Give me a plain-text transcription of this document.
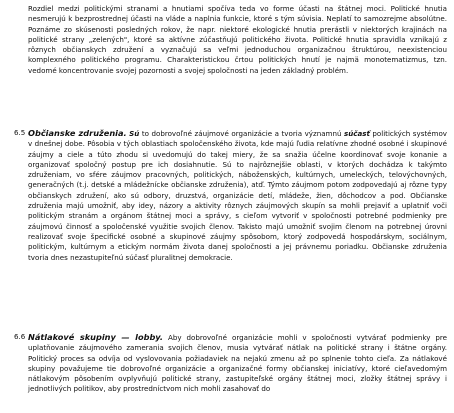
Rozdiel medzi politickými stranami a hnutiami spočíva teda vo forme účasti na štátnej moci. Politické hnutia nesmerujú k bezprostrednej účasti na vláde a naplnia funkcie, ktoré s tým súvisia. Neplatí to samozrejme absolútne. Poznáme zo skúsenosti posledných rokov, že napr. niektoré ekologické hnutia prerástli v niektorých krajinách na politické strany „zelených", ktoré sa aktívne zúčastňujú politického života. Politické hnutia spravidla vznikajú z rôznych občianskych združení a vyznačujú sa veľmi jednoduchou organizačnou štruktúrou, neexistenciou komplexného politického programu. Charakteristickou črtou politických hnutí je najmä monotematizmus, tzn. vedomé koncentrovanie svojej pozornosti a svojej spoločnosti na jeden základný problém.

6.5 Občianske združenia. Sú to dobrovoľné záujmové organizácie a tvoria významnú súčasť politických systémov v dnešnej dobe. Pôsobia v tých oblastiach spoločenského života, kde majú ľudia relatívne zhodné osobné i skupinové záujmy a ciele a túto zhodu si uvedomujú do takej miery, že sa snažia účelne koordinovať svoje konanie a organizovať spoločný postup pre ich dosiahnutie. Sú to najrôznejšie oblasti, v ktorých dochádza k takýmto združeniam, vo sfére záujmov pracovných, politických, náboženských, kultúrnych, umeleckých, telovýchovných, generačných (t.j. detské a mládežnícke občianske združenia), atď. Týmto záujmom potom zodpovedajú aj rôzne typy občianskych združení, ako sú odbory, druzstvá, organizácie detí, mládeže, žien, dôchodcov a pod. Občianske združenia majú umožniť, aby idey, názory a aktivity rôznych záujmových skupín sa mohli prejaviť a uplatniť voči politickým stranám a orgánom štátnej moci a správy, s cieľom vytvoriť v spoločnosti potrebné podmienky pre záujmovú činnosť a spoločenské využitie svojich členov. Takisto majú umožniť svojim členom na potrebnej úrovni realizovať svoje špecifické osobné a skupinové záujmy spôsobom, ktorý zodpovedá hospodárskym, sociálnym, politickým, kultúrnym a etickým normám života danej spoločnosti a jej právnemu poriadku. Občianske združenia tvoria dnes nezastupiteľnú súčasť pluralitnej demokracie.
6.6 Nátlakové skupiny — lobby. Aby dobrovoľné organizácie mohli v spoločnosti vytvárať podmienky pre uplatňovanie záujmového zamerania svojich členov, musia vytvárať nátlak na politické strany i štátne orgány. Politický proces sa odvíja od vyslovovania požiadaviek na nejakú zmenu až po splnenie tohto cieľa. Za nátlakové skupiny považujeme tie dobrovoľné organizácie a organizačné formy občianskej iniciatívy, ktoré cieľavedomým nátlakovým pôsobením ovplyvňujú politické strany, zastupiteľské orgány štátnej moci, zložky štátnej správy i jednotlivých politikov, aby prostredníctvom nich mohli zasahovať do
